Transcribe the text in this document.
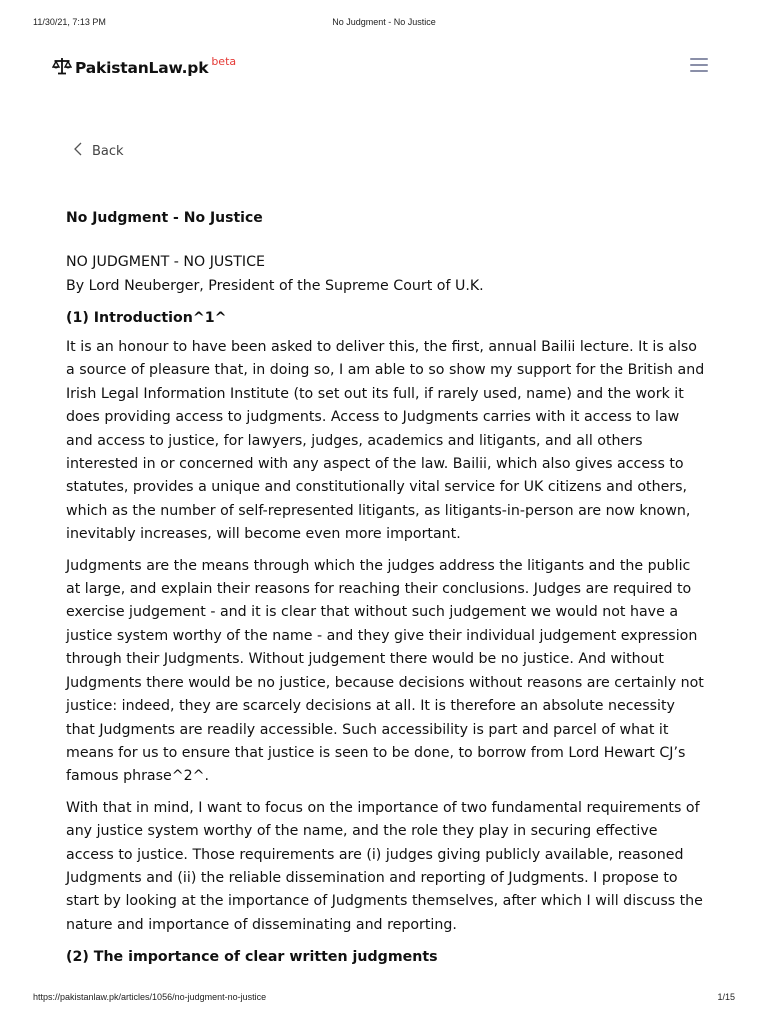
11/30/21, 7:13 PM	No Judgment - No Justice
PakistanLaw.pk beta
Back
No Judgment - No Justice

NO JUDGMENT - NO JUSTICE

By Lord Neuberger, President of the Supreme Court of U.K.

(1) Introduction^1^

It is an honour to have been asked to deliver this, the first, annual Bailii lecture. It is also a source of pleasure that, in doing so, I am able to so show my support for the British and Irish Legal Information Institute (to set out its full, if rarely used, name) and the work it does providing access to judgments. Access to Judgments carries with it access to law and access to justice, for lawyers, judges, academics and litigants, and all others interested in or concerned with any aspect of the law. Bailii, which also gives access to statutes, provides a unique and constitutionally vital service for UK citizens and others, which as the number of self-represented litigants, as litigants-in-person are now known, inevitably increases, will become even more important.

Judgments are the means through which the judges address the litigants and the public at large, and explain their reasons for reaching their conclusions. Judges are required to exercise judgement - and it is clear that without such judgement we would not have a justice system worthy of the name - and they give their individual judgement expression through their Judgments. Without judgement there would be no justice. And without Judgments there would be no justice, because decisions without reasons are certainly not justice: indeed, they are scarcely decisions at all. It is therefore an absolute necessity that Judgments are readily accessible. Such accessibility is part and parcel of what it means for us to ensure that justice is seen to be done, to borrow from Lord Hewart CJ’s famous phrase^2^.

With that in mind, I want to focus on the importance of two fundamental requirements of any justice system worthy of the name, and the role they play in securing effective access to justice. Those requirements are (i) judges giving publicly available, reasoned Judgments and (ii) the reliable dissemination and reporting of Judgments. I propose to start by looking at the importance of Judgments themselves, after which I will discuss the nature and importance of disseminating and reporting.

(2) The importance of clear written judgments

https://pakistanlaw.pk/articles/1056/no-judgment-no-justice	1/15
